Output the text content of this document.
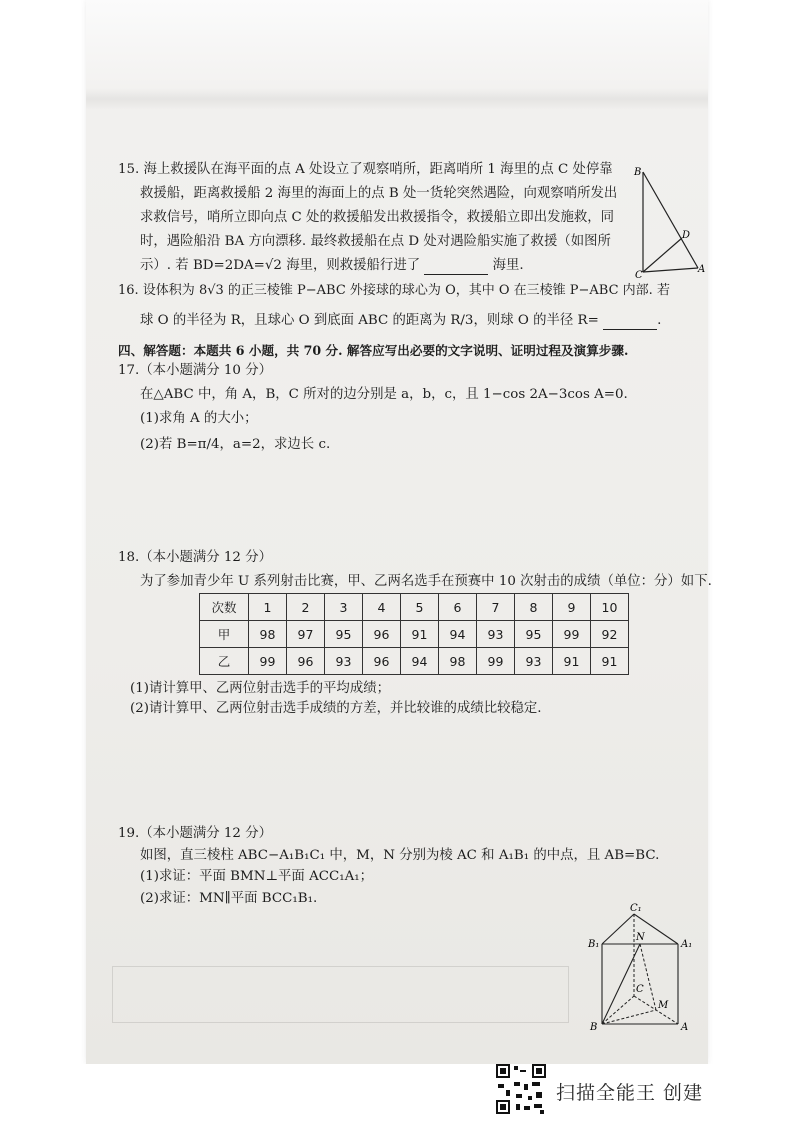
15. 海上救援队在海平面的点 A 处设立了观察哨所，距离哨所 1 海里的点 C 处停靠
救援船，距离救援船 2 海里的海面上的点 B 处一货轮突然遇险，向观察哨所发出
求救信号，哨所立即向点 C 处的救援船发出救援指令，救援船立即出发施救，同
时，遇险船沿 BA 方向漂移. 最终救援船在点 D 处对遇险船实施了救援（如图所
示）. 若 BD=2DA=√2 海里，则救援船行进了	海里.
B
D
C
A
16. 设体积为 8√3 的正三棱锥 P−ABC 外接球的球心为 O，其中 O 在三棱锥 P−ABC 内部. 若
球 O 的半径为 R，且球心 O 到底面 ABC 的距离为 R/3，则球 O 的半径 R=	.
四、解答题：本题共 6 小题，共 70 分. 解答应写出必要的文字说明、证明过程及演算步骤.
17.（本小题满分 10 分）
在△ABC 中，角 A，B，C 所对的边分别是 a，b，c，且 1−cos 2A−3cos A=0.
(1)求角 A 的大小；
(2)若 B=π/4，a=2，求边长 c.
18.（本小题满分 12 分）
为了参加青少年 U 系列射击比赛，甲、乙两名选手在预赛中 10 次射击的成绩（单位：分）如下.
次数	1	2	3	4	5	6	7	8	9	10
甲	98	97	95	96	91	94	93	95	99	92
乙	99	96	93	96	94	98	99	93	91	91
(1)请计算甲、乙两位射击选手的平均成绩；
(2)请计算甲、乙两位射击选手成绩的方差，并比较谁的成绩比较稳定.
19.（本小题满分 12 分）
如图，直三棱柱 ABC−A₁B₁C₁ 中，M，N 分别为棱 AC 和 A₁B₁ 的中点，且 AB=BC.
(1)求证：平面 BMN⊥平面 ACC₁A₁；
(2)求证：MN∥平面 BCC₁B₁.
C₁
B₁
N
A₁
C
M
B	A
扫描全能王 创建
